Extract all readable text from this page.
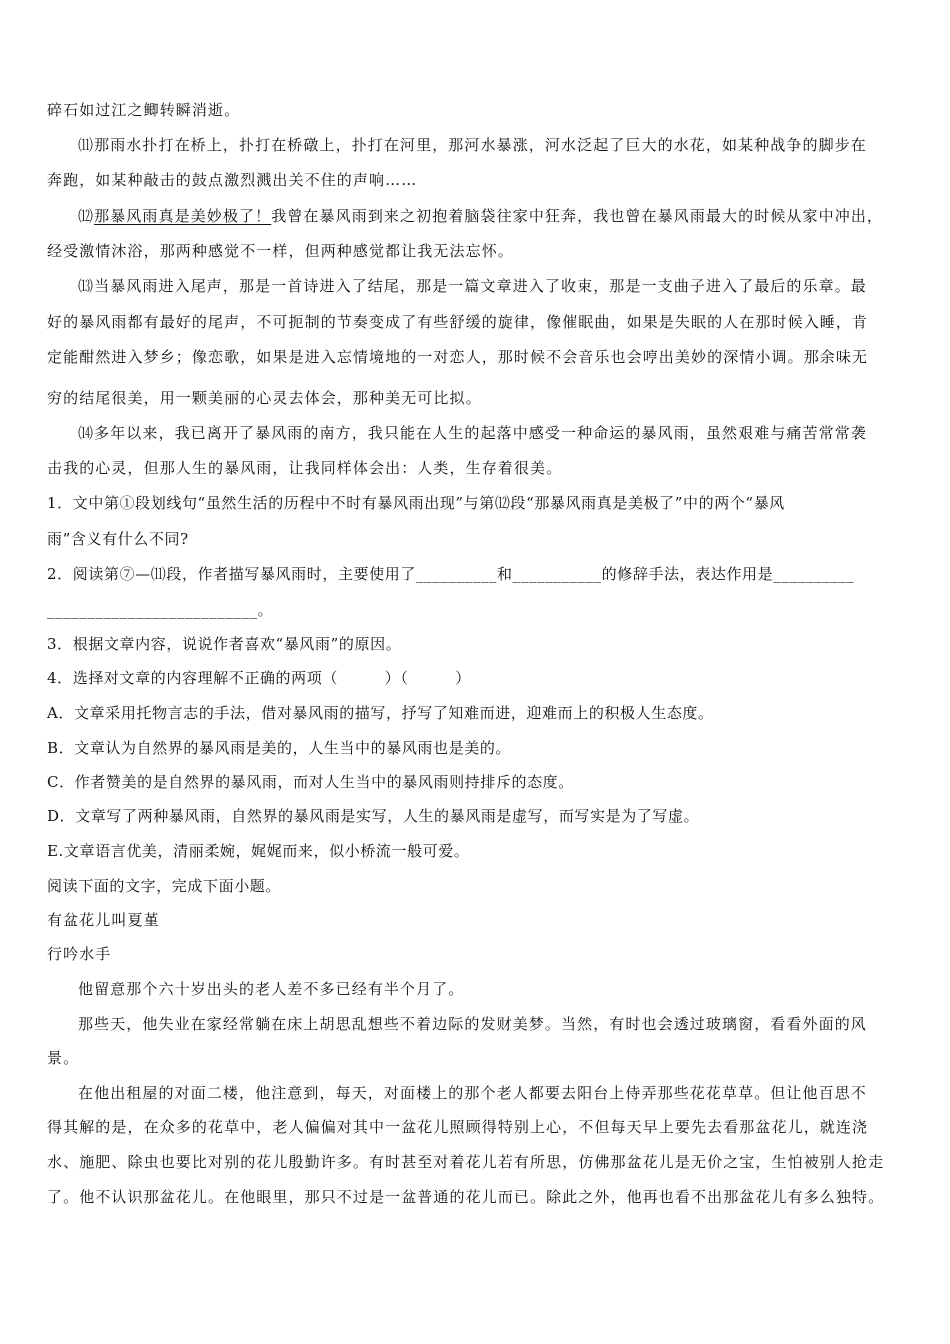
碎石如过江之鲫转瞬消逝。
⑾那雨水扑打在桥上，扑打在桥礅上，扑打在河里，那河水暴涨，河水泛起了巨大的水花，如某种战争的脚步在
奔跑，如某种敲击的鼓点激烈溅出关不住的声响……
⑿那暴风雨真是美妙极了！我曾在暴风雨到来之初抱着脑袋往家中狂奔，我也曾在暴风雨最大的时候从家中冲出，
经受激情沐浴，那两种感觉不一样，但两种感觉都让我无法忘怀。
⒀当暴风雨进入尾声，那是一首诗进入了结尾，那是一篇文章进入了收束，那是一支曲子进入了最后的乐章。最
好的暴风雨都有最好的尾声，不可扼制的节奏变成了有些舒缓的旋律，像催眠曲，如果是失眠的人在那时候入睡，肯
定能酣然进入梦乡；像恋歌，如果是进入忘情境地的一对恋人，那时候不会音乐也会哼出美妙的深情小调。那余味无
穷的结尾很美，用一颗美丽的心灵去体会，那种美无可比拟。
⒁多年以来，我已离开了暴风雨的南方，我只能在人生的起落中感受一种命运的暴风雨，虽然艰难与痛苦常常袭
击我的心灵，但那人生的暴风雨，让我同样体会出：人类，生存着很美。
1．文中第①段划线句“虽然生活的历程中不时有暴风雨出现”与第⑿段“那暴风雨真是美极了”中的两个“暴风
雨”含义有什么不同?
2．阅读第⑦—⑾段，作者描写暴风雨时，主要使用了__________和___________的修辞手法，表达作用是__________
__________________________。
3．根据文章内容，说说作者喜欢“暴风雨”的原因。
4．选择对文章的内容理解不正确的两项（　　　）（　　　）
A．文章采用托物言志的手法，借对暴风雨的描写，抒写了知难而进，迎难而上的积极人生态度。
B．文章认为自然界的暴风雨是美的，人生当中的暴风雨也是美的。
C．作者赞美的是自然界的暴风雨，而对人生当中的暴风雨则持排斥的态度。
D．文章写了两种暴风雨，自然界的暴风雨是实写，人生的暴风雨是虚写，而写实是为了写虚。
E.文章语言优美，清丽柔婉，娓娓而来，似小桥流一般可爱。
阅读下面的文字，完成下面小题。
有盆花儿叫夏堇
行吟水手
他留意那个六十岁出头的老人差不多已经有半个月了。
那些天，他失业在家经常躺在床上胡思乱想些不着边际的发财美梦。当然，有时也会透过玻璃窗，看看外面的风
景。
在他出租屋的对面二楼，他注意到，每天，对面楼上的那个老人都要去阳台上侍弄那些花花草草。但让他百思不
得其解的是，在众多的花草中，老人偏偏对其中一盆花儿照顾得特别上心，不但每天早上要先去看那盆花儿，就连浇
水、施肥、除虫也要比对别的花儿殷勤许多。有时甚至对着花儿若有所思，仿佛那盆花儿是无价之宝，生怕被别人抢走
了。他不认识那盆花儿。在他眼里，那只不过是一盆普通的花儿而已。除此之外，他再也看不出那盆花儿有多么独特。
